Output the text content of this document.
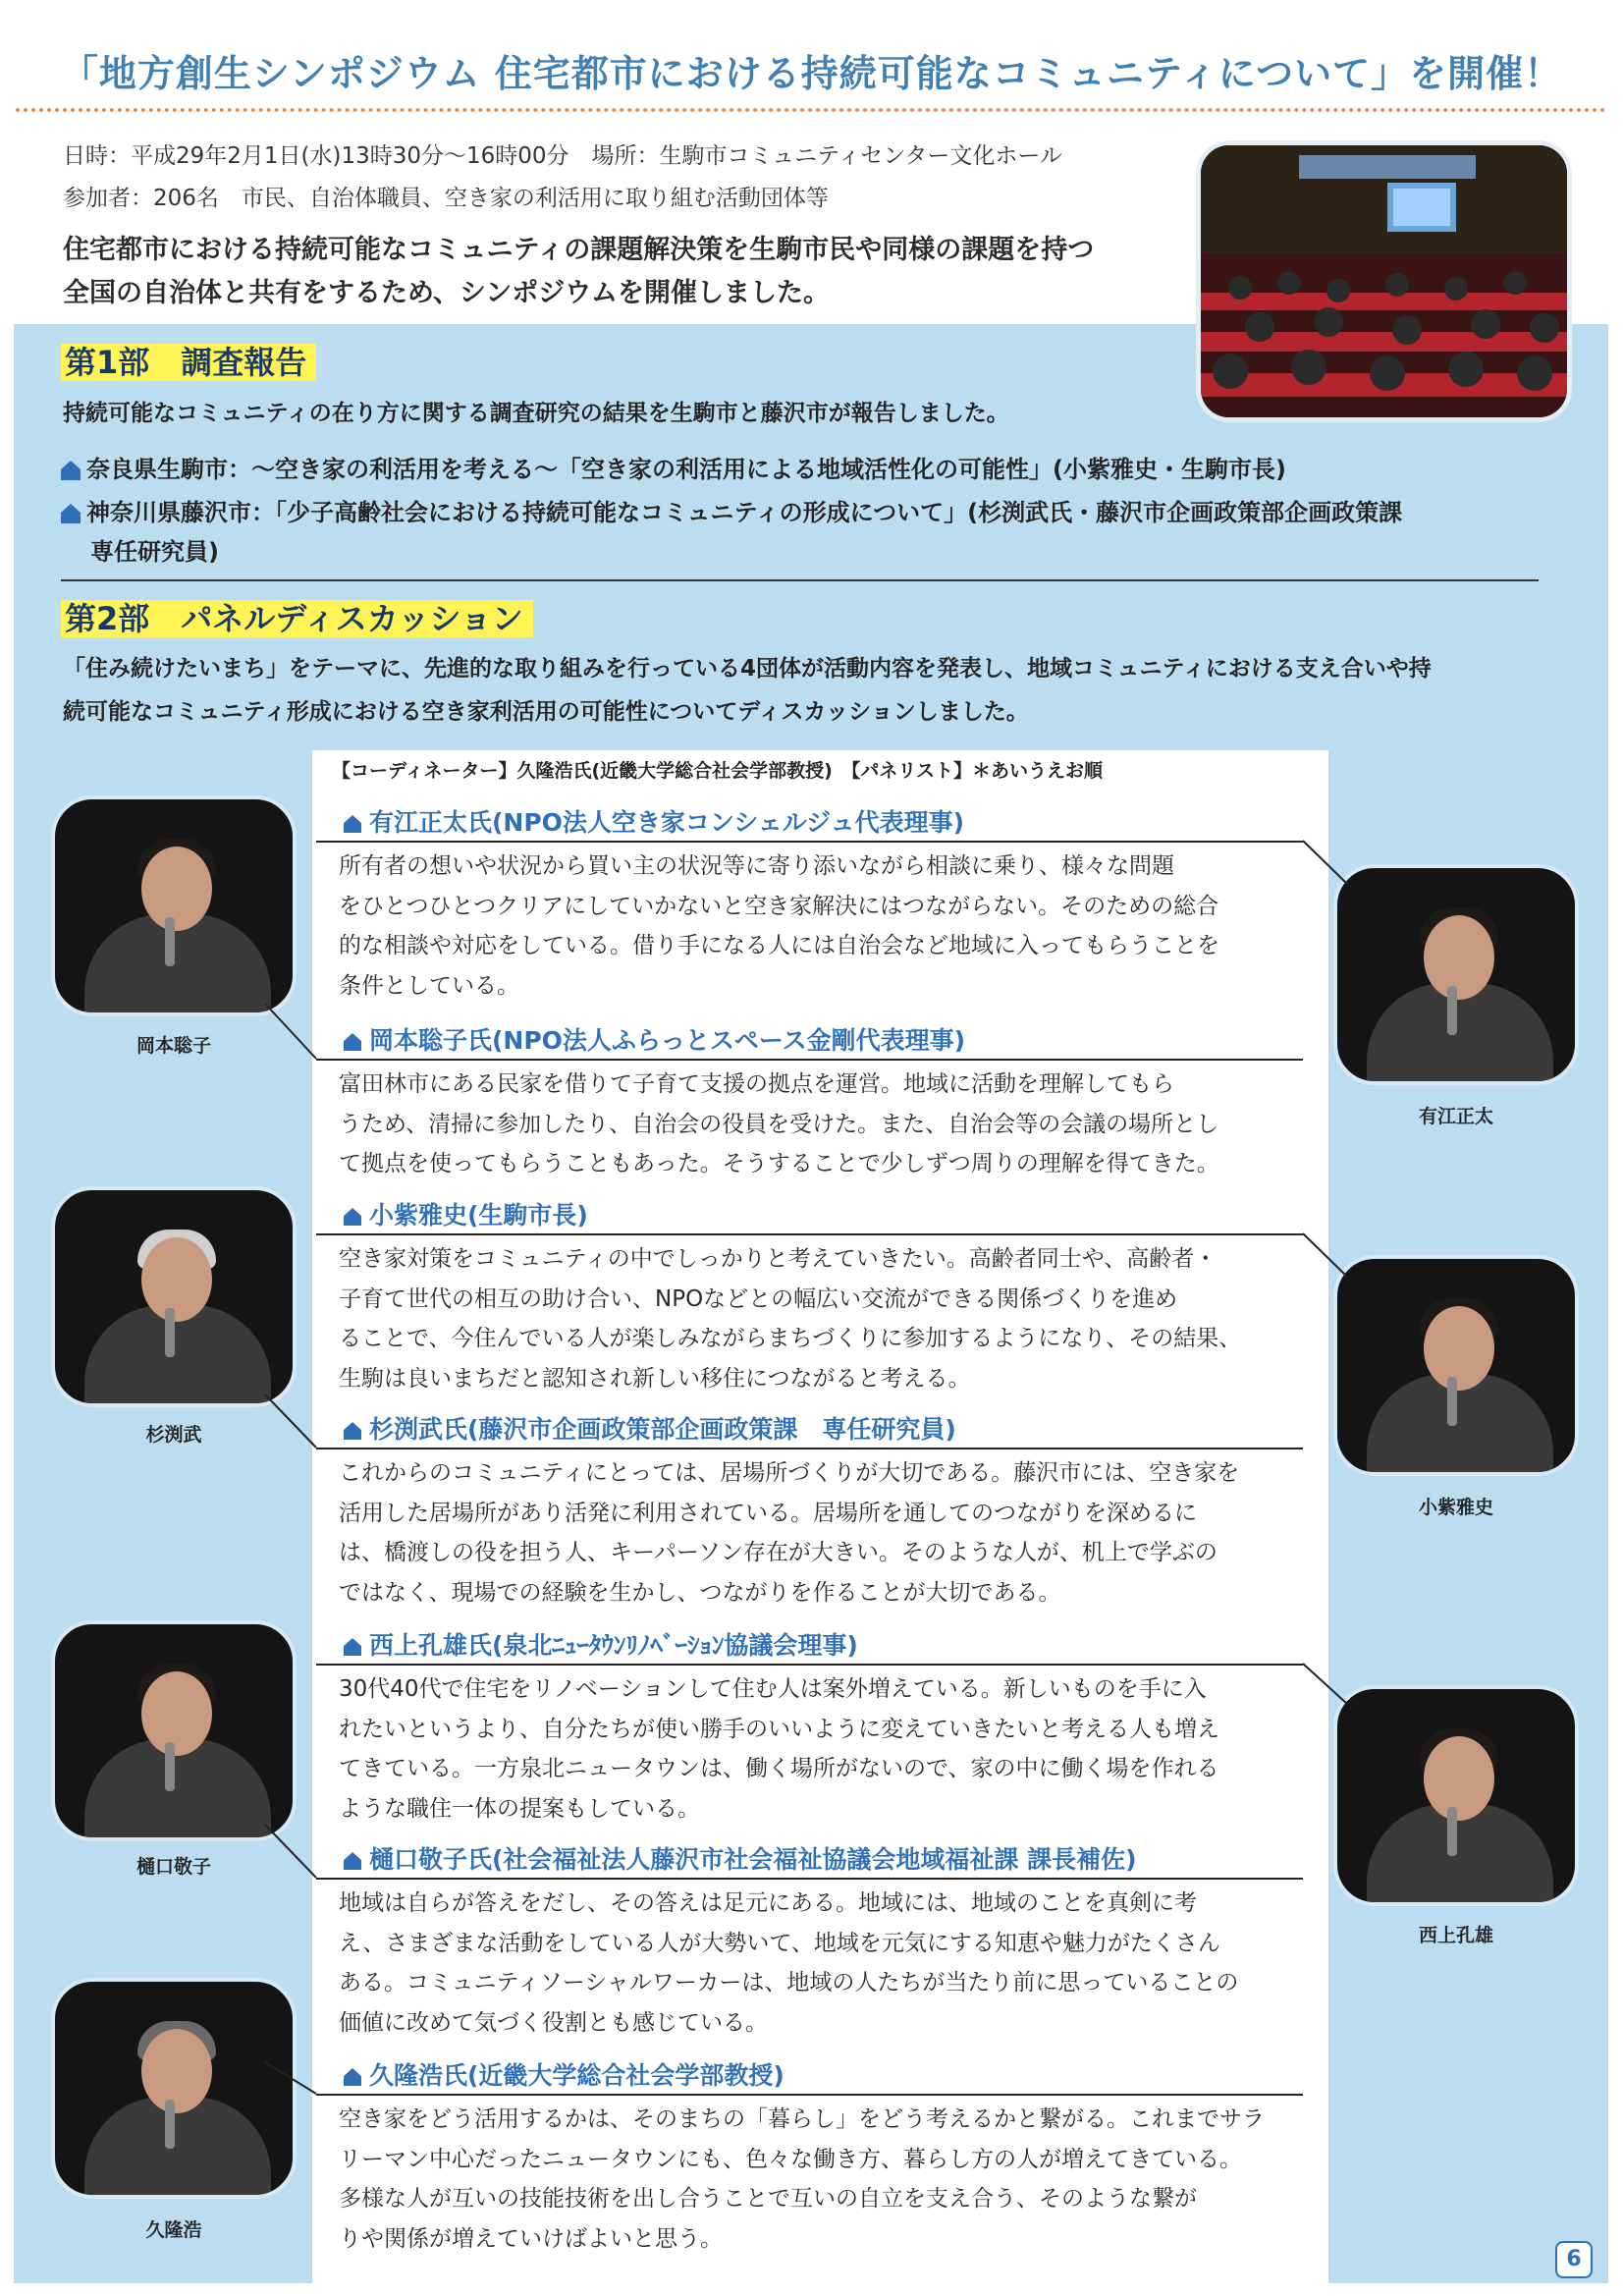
「地方創生シンポジウム 住宅都市における持続可能なコミュニティについて」を開催！
日時：平成29年2月1日(水)13時30分～16時00分　場所：生駒市コミュニティセンター文化ホール
参加者：206名　市民、自治体職員、空き家の利活用に取り組む活動団体等
住宅都市における持続可能なコミュニティの課題解決策を生駒市民や同様の課題を持つ
全国の自治体と共有をするため、シンポジウムを開催しました。
第1部　調査報告
持続可能なコミュニティの在り方に関する調査研究の結果を生駒市と藤沢市が報告しました。
奈良県生駒市：～空き家の利活用を考える～「空き家の利活用による地域活性化の可能性」(小紫雅史・生駒市長)
神奈川県藤沢市：「少子高齢社会における持続可能なコミュニティの形成について」(杉渕武氏・藤沢市企画政策部企画政策課
専任研究員)
第2部　パネルディスカッション
「住み続けたいまち」をテーマに、先進的な取り組みを行っている4団体が活動内容を発表し、地域コミュニティにおける支え合いや持
続可能なコミュニティ形成における空き家利活用の可能性についてディスカッションしました。
【コーディネーター】久隆浩氏(近畿大学総合社会学部教授)　【パネリスト】＊あいうえお順
有江正太氏(NPO法人空き家コンシェルジュ代表理事)
所有者の想いや状況から買い主の状況等に寄り添いながら相談に乗り、様々な問題
をひとつひとつクリアにしていかないと空き家解決にはつながらない。そのための総合
的な相談や対応をしている。借り手になる人には自治会など地域に入ってもらうことを
条件としている。
岡本聡子氏(NPO法人ふらっとスペース金剛代表理事)
富田林市にある民家を借りて子育て支援の拠点を運営。地域に活動を理解してもら
うため、清掃に参加したり、自治会の役員を受けた。また、自治会等の会議の場所とし
て拠点を使ってもらうこともあった。そうすることで少しずつ周りの理解を得てきた。
小紫雅史(生駒市長)
空き家対策をコミュニティの中でしっかりと考えていきたい。高齢者同士や、高齢者・
子育て世代の相互の助け合い、NPOなどとの幅広い交流ができる関係づくりを進め
ることで、今住んでいる人が楽しみながらまちづくりに参加するようになり、その結果、
生駒は良いまちだと認知され新しい移住につながると考える。
杉渕武氏(藤沢市企画政策部企画政策課　専任研究員)
これからのコミュニティにとっては、居場所づくりが大切である。藤沢市には、空き家を
活用した居場所があり活発に利用されている。居場所を通してのつながりを深めるに
は、橋渡しの役を担う人、キーパーソン存在が大きい。そのような人が、机上で学ぶの
ではなく、現場での経験を生かし、つながりを作ることが大切である。
西上孔雄氏(泉北ﾆｭｰﾀｳﾝﾘﾉﾍﾞｰｼｮﾝ協議会理事)
30代40代で住宅をリノベーションして住む人は案外増えている。新しいものを手に入
れたいというより、自分たちが使い勝手のいいように変えていきたいと考える人も増え
てきている。一方泉北ニュータウンは、働く場所がないので、家の中に働く場を作れる
ような職住一体の提案もしている。
樋口敬子氏(社会福祉法人藤沢市社会福祉協議会地域福祉課 課長補佐)
地域は自らが答えをだし、その答えは足元にある。地域には、地域のことを真剣に考
え、さまざまな活動をしている人が大勢いて、地域を元気にする知恵や魅力がたくさん
ある。コミュニティソーシャルワーカーは、地域の人たちが当たり前に思っていることの
価値に改めて気づく役割とも感じている。
久隆浩氏(近畿大学総合社会学部教授)
空き家をどう活用するかは、そのまちの「暮らし」をどう考えるかと繋がる。これまでサラ
リーマン中心だったニュータウンにも、色々な働き方、暮らし方の人が増えてきている。
多様な人が互いの技能技術を出し合うことで互いの自立を支え合う、そのような繋が
りや関係が増えていけばよいと思う。
岡本聡子
杉渕武
樋口敬子
久隆浩
有江正太
小紫雅史
西上孔雄
6
